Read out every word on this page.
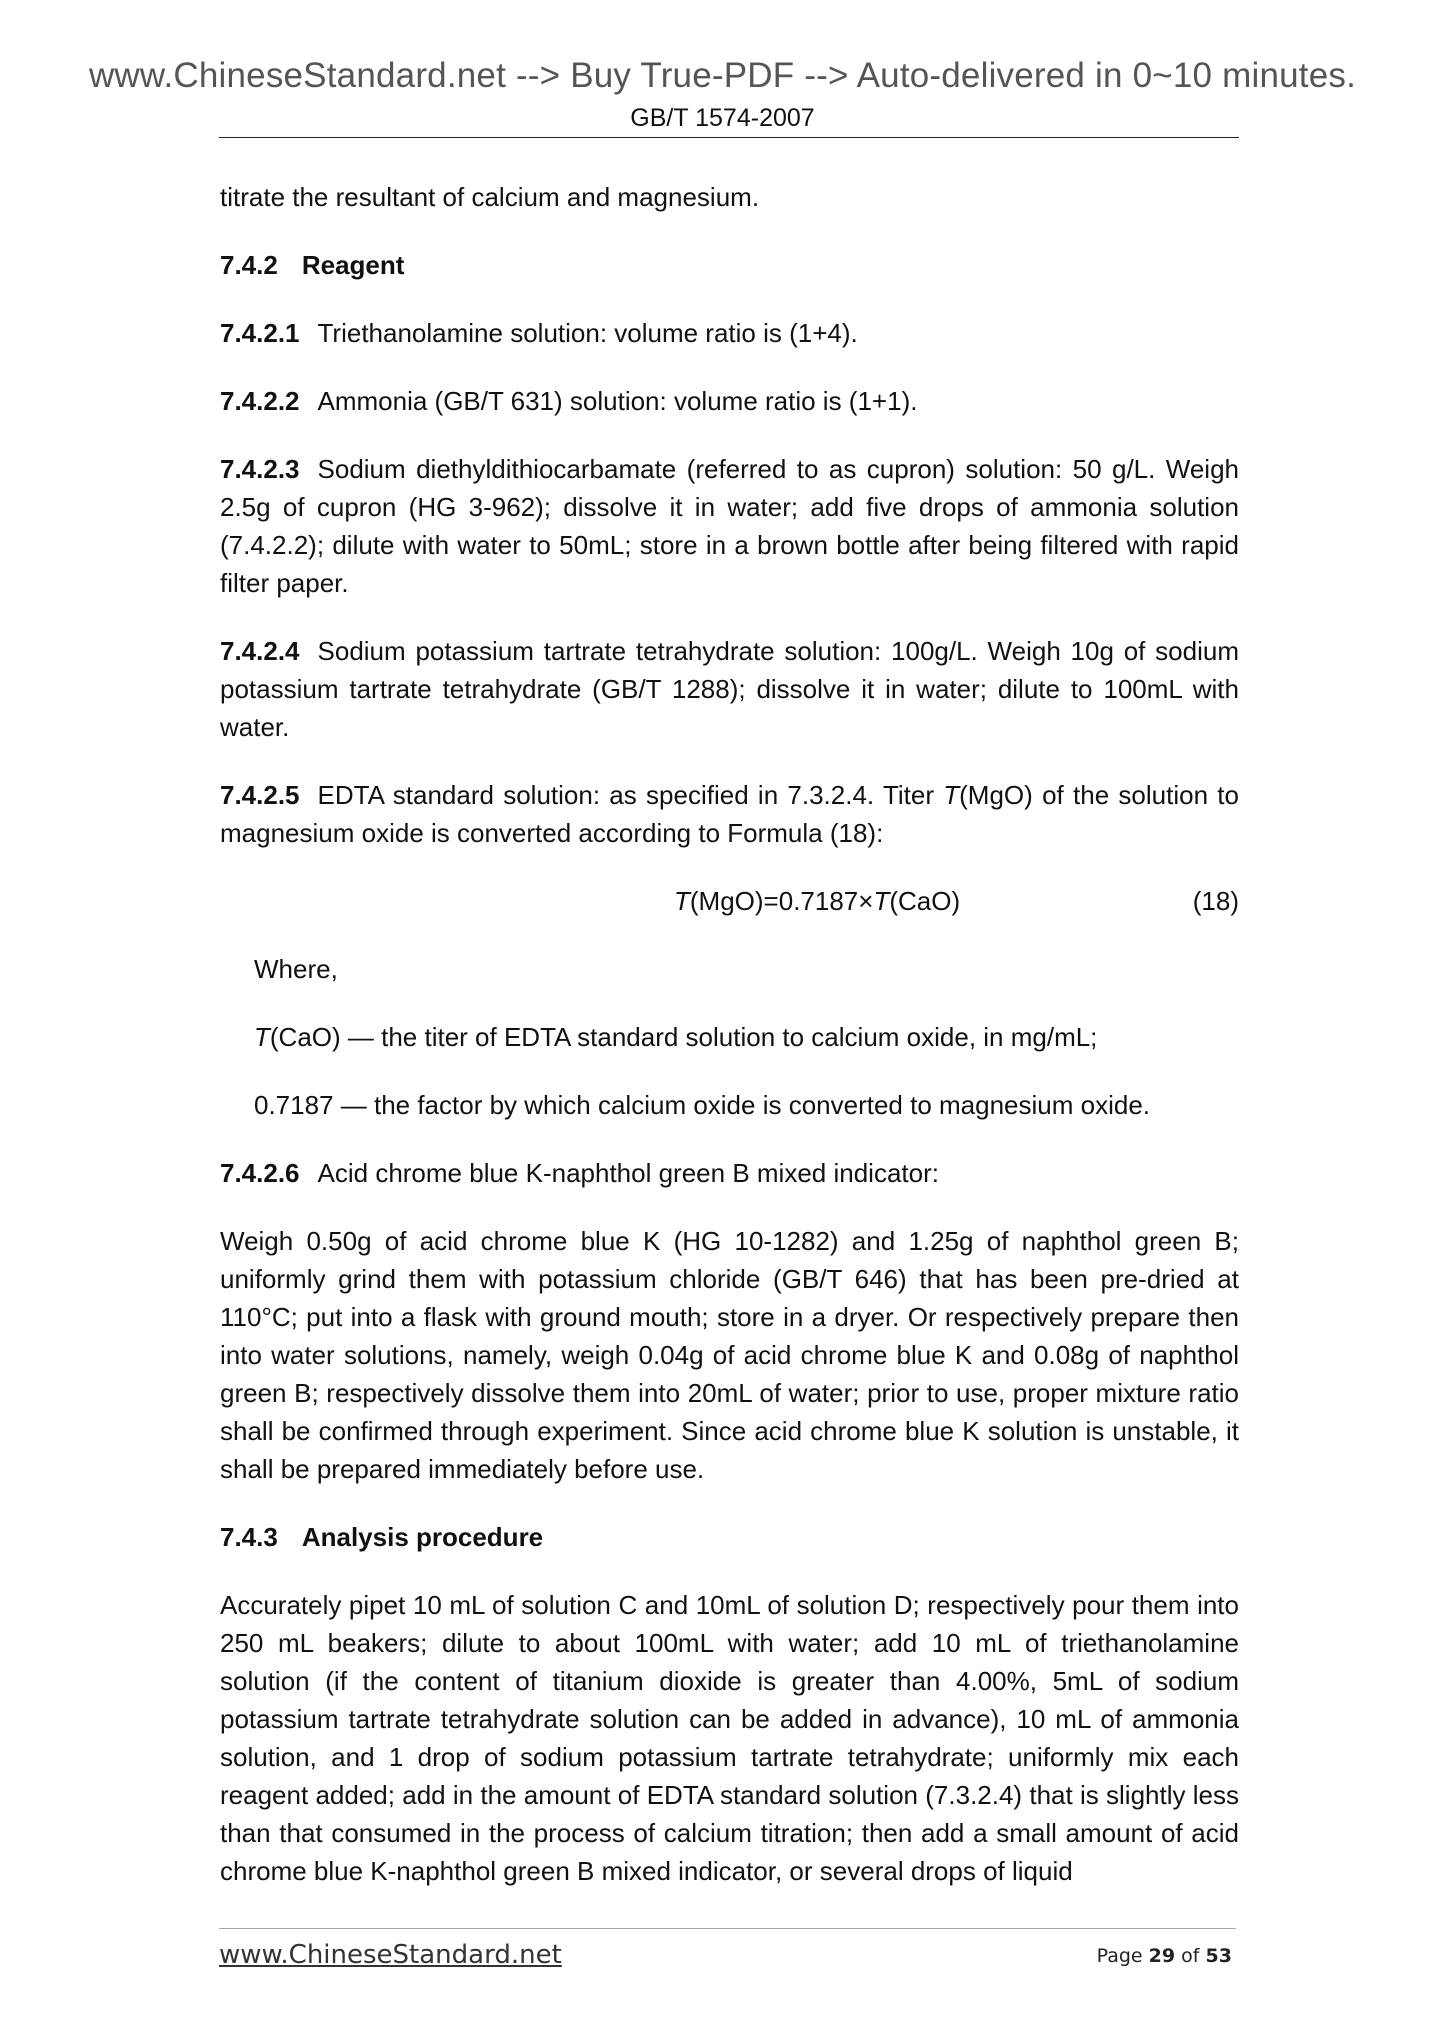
www.ChineseStandard.net --> Buy True-PDF --> Auto-delivered in 0~10 minutes.
GB/T 1574-2007

titrate the resultant of calcium and magnesium.

7.4.2 Reagent

7.4.2.1 Triethanolamine solution: volume ratio is (1+4).

7.4.2.2 Ammonia (GB/T 631) solution: volume ratio is (1+1).

7.4.2.3 Sodium diethyldithiocarbamate (referred to as cupron) solution: 50 g/L. Weigh 2.5g of cupron (HG 3-962); dissolve it in water; add five drops of ammonia solution (7.4.2.2); dilute with water to 50mL; store in a brown bottle after being filtered with rapid filter paper.

7.4.2.4 Sodium potassium tartrate tetrahydrate solution: 100g/L. Weigh 10g of sodium potassium tartrate tetrahydrate (GB/T 1288); dissolve it in water; dilute to 100mL with water.

7.4.2.5 EDTA standard solution: as specified in 7.3.2.4. Titer T(MgO) of the solution to magnesium oxide is converted according to Formula (18):

T(MgO)=0.7187×T(CaO)	(18)

Where,

T(CaO) — the titer of EDTA standard solution to calcium oxide, in mg/mL;

0.7187 — the factor by which calcium oxide is converted to magnesium oxide.

7.4.2.6 Acid chrome blue K-naphthol green B mixed indicator:

Weigh 0.50g of acid chrome blue K (HG 10-1282) and 1.25g of naphthol green B; uniformly grind them with potassium chloride (GB/T 646) that has been pre-dried at 110°C; put into a flask with ground mouth; store in a dryer. Or respectively prepare then into water solutions, namely, weigh 0.04g of acid chrome blue K and 0.08g of naphthol green B; respectively dissolve them into 20mL of water; prior to use, proper mixture ratio shall be confirmed through experiment. Since acid chrome blue K solution is unstable, it shall be prepared immediately before use.

7.4.3 Analysis procedure

Accurately pipet 10 mL of solution C and 10mL of solution D; respectively pour them into 250 mL beakers; dilute to about 100mL with water; add 10 mL of triethanolamine solution (if the content of titanium dioxide is greater than 4.00%, 5mL of sodium potassium tartrate tetrahydrate solution can be added in advance), 10 mL of ammonia solution, and 1 drop of sodium potassium tartrate tetrahydrate; uniformly mix each reagent added; add in the amount of EDTA standard solution (7.3.2.4) that is slightly less than that consumed in the process of calcium titration; then add a small amount of acid chrome blue K-naphthol green B mixed indicator, or several drops of liquid

www.ChineseStandard.net	Page 29 of 53
